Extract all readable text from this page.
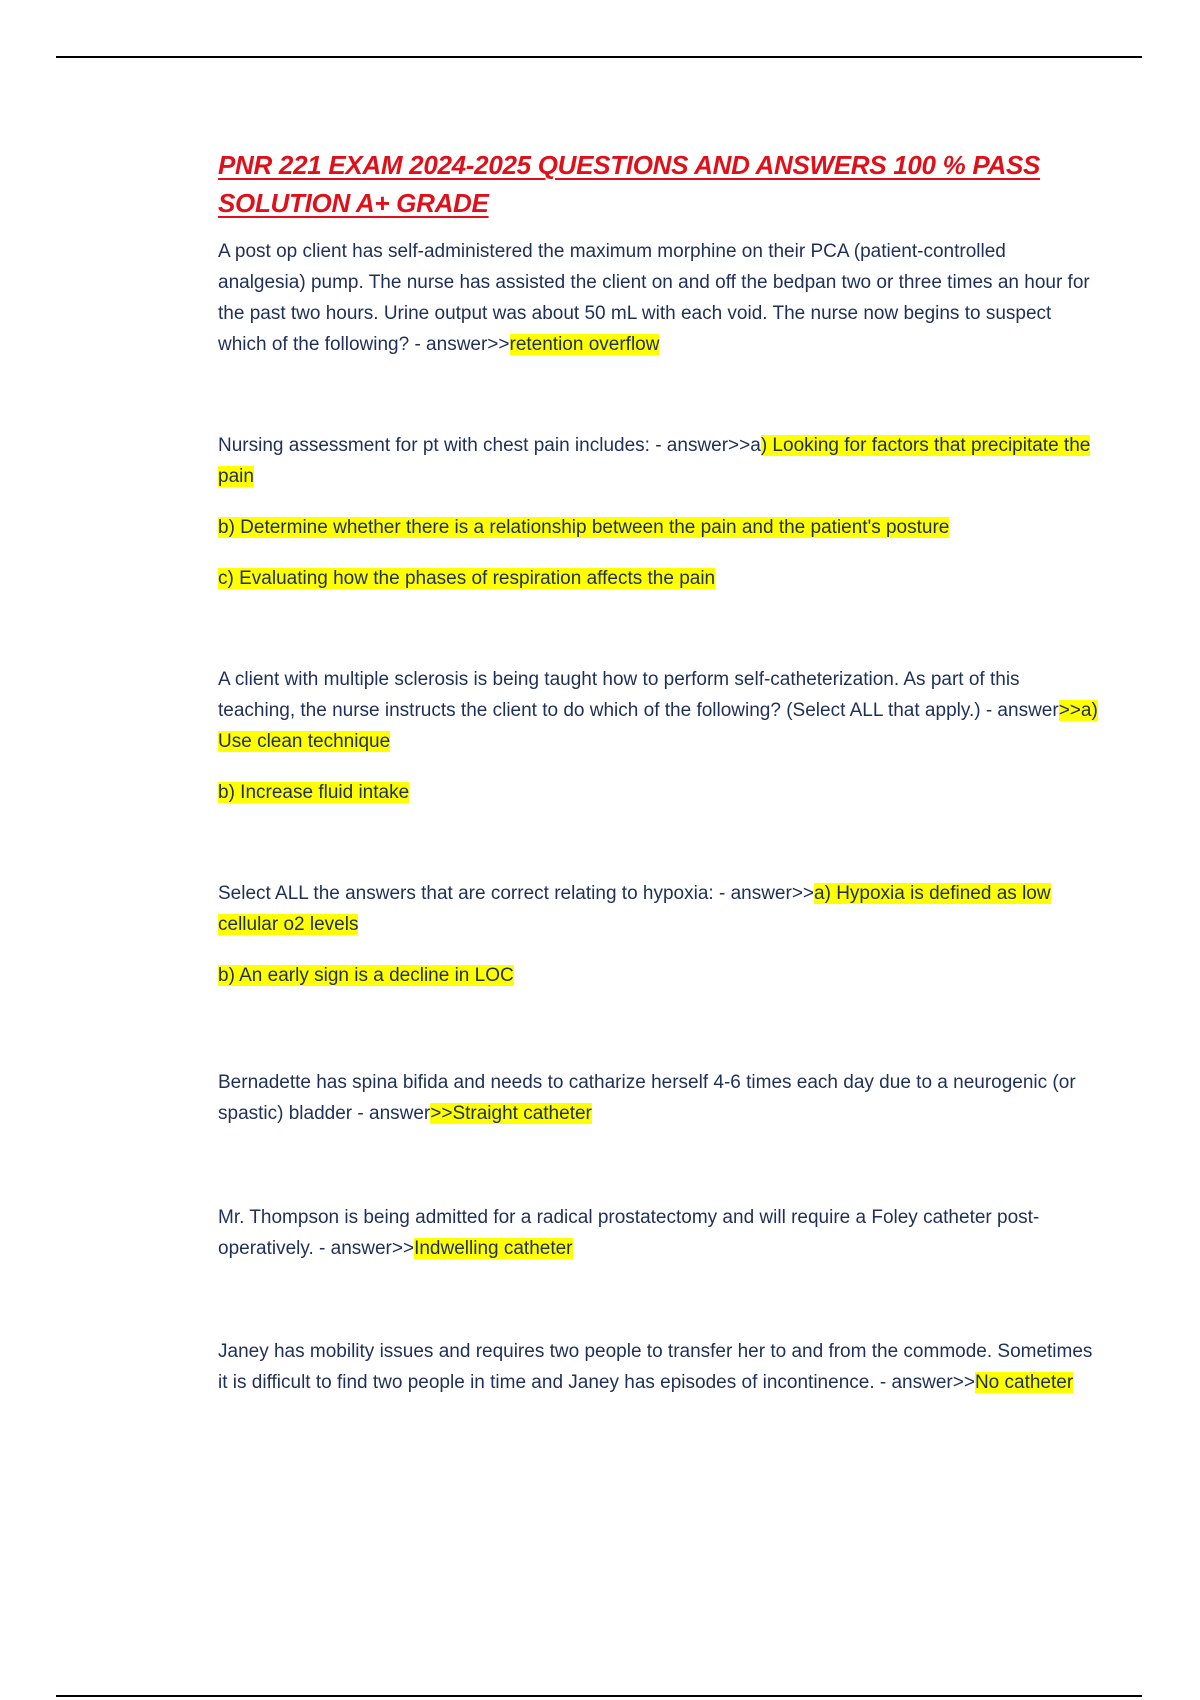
PNR 221 EXAM 2024-2025 QUESTIONS AND ANSWERS 100 % PASS SOLUTION A+ GRADE

A post op client has self-administered the maximum morphine on their PCA (patient-controlled analgesia) pump. The nurse has assisted the client on and off the bedpan two or three times an hour for the past two hours. Urine output was about 50 mL with each void. The nurse now begins to suspect which of the following? - answer>>retention overflow

Nursing assessment for pt with chest pain includes: - answer>>a) Looking for factors that precipitate the pain

b) Determine whether there is a relationship between the pain and the patient's posture

c) Evaluating how the phases of respiration affects the pain

A client with multiple sclerosis is being taught how to perform self-catheterization. As part of this teaching, the nurse instructs the client to do which of the following? (Select ALL that apply.) - answer>>a) Use clean technique

b) Increase fluid intake

Select ALL the answers that are correct relating to hypoxia: - answer>>a) Hypoxia is defined as low cellular o2 levels

b) An early sign is a decline in LOC

Bernadette has spina bifida and needs to catharize herself 4-6 times each day due to a neurogenic (or spastic) bladder - answer>>Straight catheter

Mr. Thompson is being admitted for a radical prostatectomy and will require a Foley catheter post-operatively. - answer>>Indwelling catheter

Janey has mobility issues and requires two people to transfer her to and from the commode. Sometimes it is difficult to find two people in time and Janey has episodes of incontinence. - answer>>No catheter
